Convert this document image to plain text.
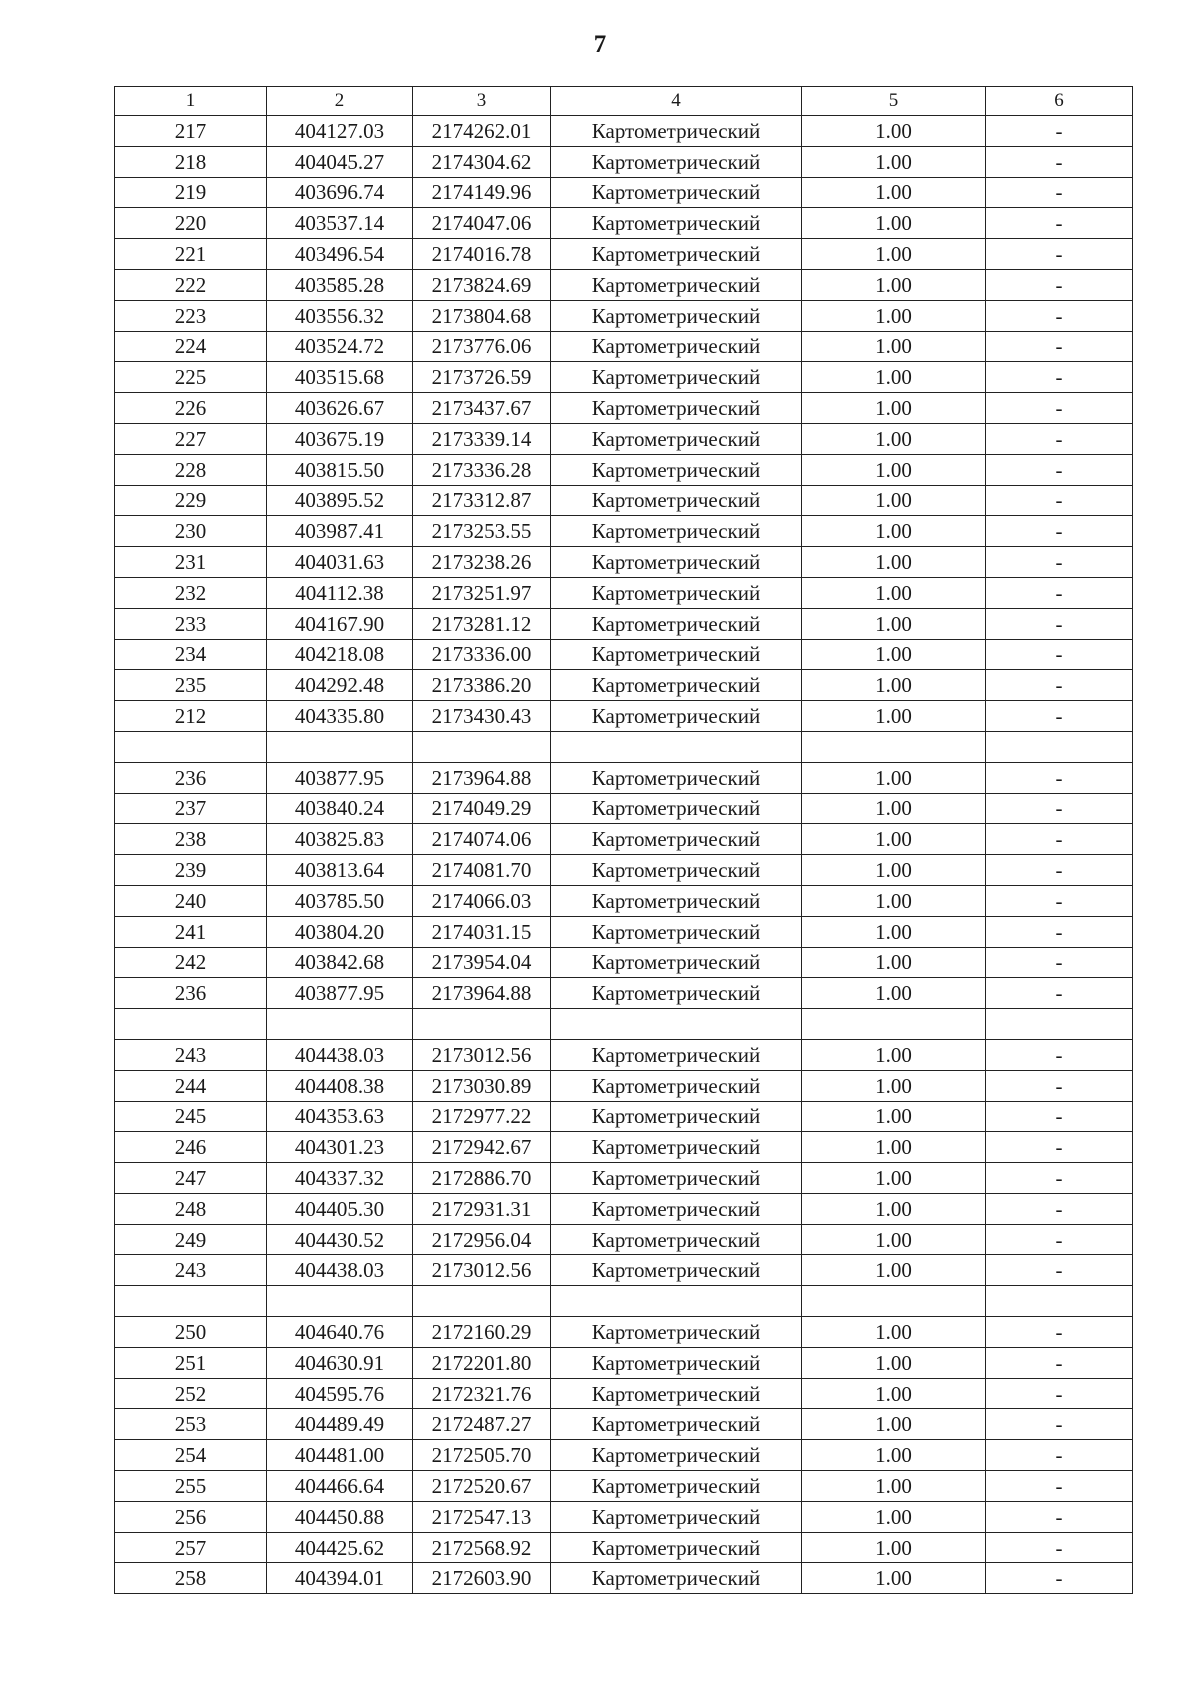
7
1	2	3	4	5	6
217	404127.03	2174262.01	Картометрический	1.00	-
218	404045.27	2174304.62	Картометрический	1.00	-
219	403696.74	2174149.96	Картометрический	1.00	-
220	403537.14	2174047.06	Картометрический	1.00	-
221	403496.54	2174016.78	Картометрический	1.00	-
222	403585.28	2173824.69	Картометрический	1.00	-
223	403556.32	2173804.68	Картометрический	1.00	-
224	403524.72	2173776.06	Картометрический	1.00	-
225	403515.68	2173726.59	Картометрический	1.00	-
226	403626.67	2173437.67	Картометрический	1.00	-
227	403675.19	2173339.14	Картометрический	1.00	-
228	403815.50	2173336.28	Картометрический	1.00	-
229	403895.52	2173312.87	Картометрический	1.00	-
230	403987.41	2173253.55	Картометрический	1.00	-
231	404031.63	2173238.26	Картометрический	1.00	-
232	404112.38	2173251.97	Картометрический	1.00	-
233	404167.90	2173281.12	Картометрический	1.00	-
234	404218.08	2173336.00	Картометрический	1.00	-
235	404292.48	2173386.20	Картометрический	1.00	-
212	404335.80	2173430.43	Картометрический	1.00	-

236	403877.95	2173964.88	Картометрический	1.00	-
237	403840.24	2174049.29	Картометрический	1.00	-
238	403825.83	2174074.06	Картометрический	1.00	-
239	403813.64	2174081.70	Картометрический	1.00	-
240	403785.50	2174066.03	Картометрический	1.00	-
241	403804.20	2174031.15	Картометрический	1.00	-
242	403842.68	2173954.04	Картометрический	1.00	-
236	403877.95	2173964.88	Картометрический	1.00	-

243	404438.03	2173012.56	Картометрический	1.00	-
244	404408.38	2173030.89	Картометрический	1.00	-
245	404353.63	2172977.22	Картометрический	1.00	-
246	404301.23	2172942.67	Картометрический	1.00	-
247	404337.32	2172886.70	Картометрический	1.00	-
248	404405.30	2172931.31	Картометрический	1.00	-
249	404430.52	2172956.04	Картометрический	1.00	-
243	404438.03	2173012.56	Картометрический	1.00	-

250	404640.76	2172160.29	Картометрический	1.00	-
251	404630.91	2172201.80	Картометрический	1.00	-
252	404595.76	2172321.76	Картометрический	1.00	-
253	404489.49	2172487.27	Картометрический	1.00	-
254	404481.00	2172505.70	Картометрический	1.00	-
255	404466.64	2172520.67	Картометрический	1.00	-
256	404450.88	2172547.13	Картометрический	1.00	-
257	404425.62	2172568.92	Картометрический	1.00	-
258	404394.01	2172603.90	Картометрический	1.00	-
